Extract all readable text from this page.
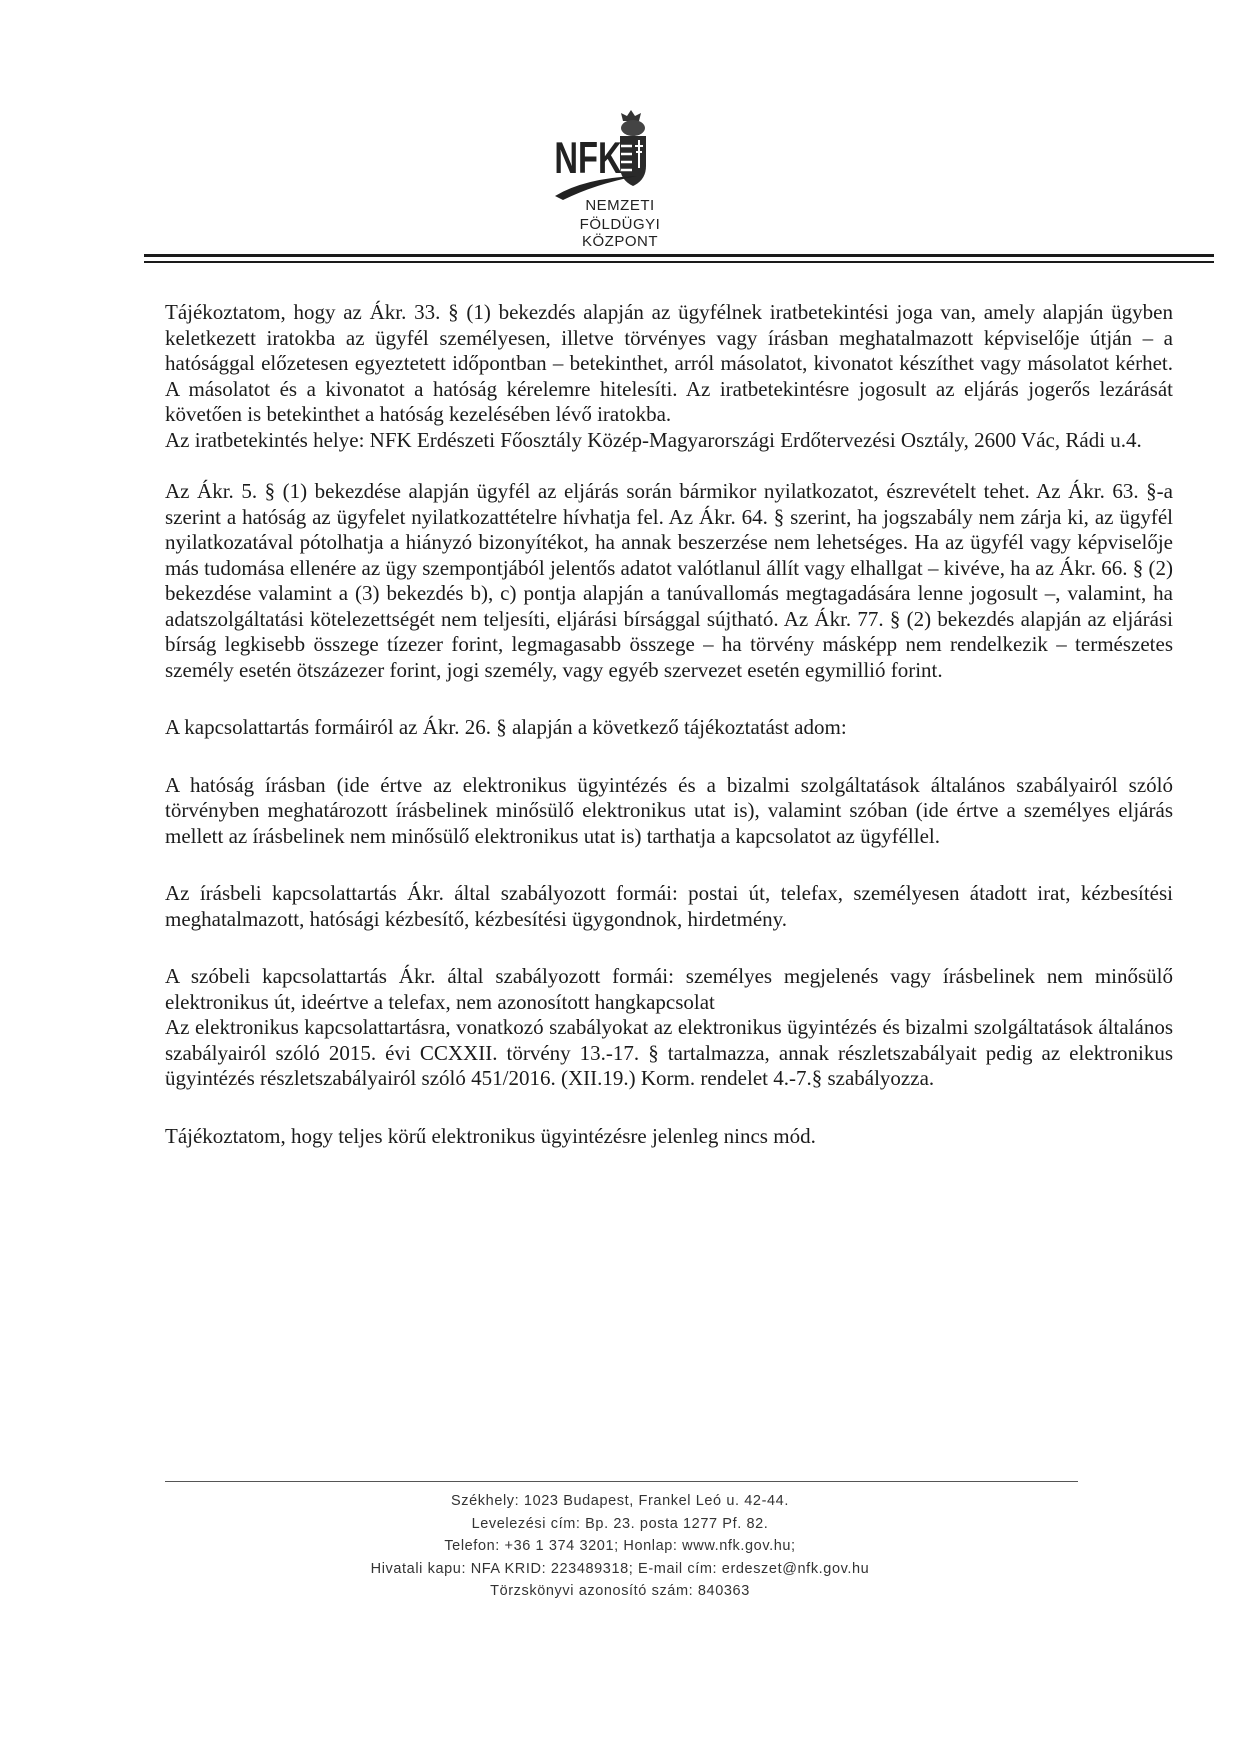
NFK
NEMZETI
FÖLDÜGYI KÖZPONT

Tájékoztatom, hogy az Ákr. 33. § (1) bekezdés alapján az ügyfélnek iratbetekintési joga van, amely alapján ügyben keletkezett iratokba az ügyfél személyesen, illetve törvényes vagy írásban meghatalmazott képviselője útján – a hatósággal előzetesen egyeztetett időpontban – betekinthet, arról másolatot, kivonatot készíthet vagy másolatot kérhet. A másolatot és a kivonatot a hatóság kérelemre hitelesíti. Az iratbetekintésre jogosult az eljárás jogerős lezárását követően is betekinthet a hatóság kezelésében lévő iratokba.

Az iratbetekintés helye: NFK Erdészeti Főosztály Közép-Magyarországi Erdőtervezési Osztály, 2600 Vác, Rádi u.4.

Az Ákr. 5. § (1) bekezdése alapján ügyfél az eljárás során bármikor nyilatkozatot, észrevételt tehet. Az Ákr. 63. §-a szerint a hatóság az ügyfelet nyilatkozattételre hívhatja fel. Az Ákr. 64. § szerint, ha jogszabály nem zárja ki, az ügyfél nyilatkozatával pótolhatja a hiányzó bizonyítékot, ha annak beszerzése nem lehetséges. Ha az ügyfél vagy képviselője más tudomása ellenére az ügy szempontjából jelentős adatot valótlanul állít vagy elhallgat – kivéve, ha az Ákr. 66. § (2) bekezdése valamint a (3) bekezdés b), c) pontja alapján a tanúvallomás megtagadására lenne jogosult –, valamint, ha adatszolgáltatási kötelezettségét nem teljesíti, eljárási bírsággal sújtható. Az Ákr. 77. § (2) bekezdés alapján az eljárási bírság legkisebb összege tízezer forint, legmagasabb összege – ha törvény másképp nem rendelkezik – természetes személy esetén ötszázezer forint, jogi személy, vagy egyéb szervezet esetén egymillió forint.

A kapcsolattartás formáiról az Ákr. 26. § alapján a következő tájékoztatást adom:

A hatóság írásban (ide értve az elektronikus ügyintézés és a bizalmi szolgáltatások általános szabályairól szóló törvényben meghatározott írásbelinek minősülő elektronikus utat is), valamint szóban (ide értve a személyes eljárás mellett az írásbelinek nem minősülő elektronikus utat is) tarthatja a kapcsolatot az ügyféllel.

Az írásbeli kapcsolattartás Ákr. által szabályozott formái: postai út, telefax, személyesen átadott irat, kézbesítési meghatalmazott, hatósági kézbesítő, kézbesítési ügygondnok, hirdetmény.

A szóbeli kapcsolattartás Ákr. által szabályozott formái: személyes megjelenés vagy írásbelinek nem minősülő elektronikus út, ideértve a telefax, nem azonosított hangkapcsolat

Az elektronikus kapcsolattartásra, vonatkozó szabályokat az elektronikus ügyintézés és bizalmi szolgáltatások általános szabályairól szóló 2015. évi CCXXII. törvény 13.-17. § tartalmazza, annak részletszabályait pedig az elektronikus ügyintézés részletszabályairól szóló 451/2016. (XII.19.) Korm. rendelet 4.-7.§ szabályozza.

Tájékoztatom, hogy teljes körű elektronikus ügyintézésre jelenleg nincs mód.

Székhely: 1023 Budapest, Frankel Leó u. 42-44.
Levelezési cím: Bp. 23. posta 1277 Pf. 82.
Telefon: +36 1 374 3201; Honlap: www.nfk.gov.hu;
Hivatali kapu: NFA KRID: 223489318; E-mail cím: erdeszet@nfk.gov.hu
Törzskönyvi azonosító szám: 840363
